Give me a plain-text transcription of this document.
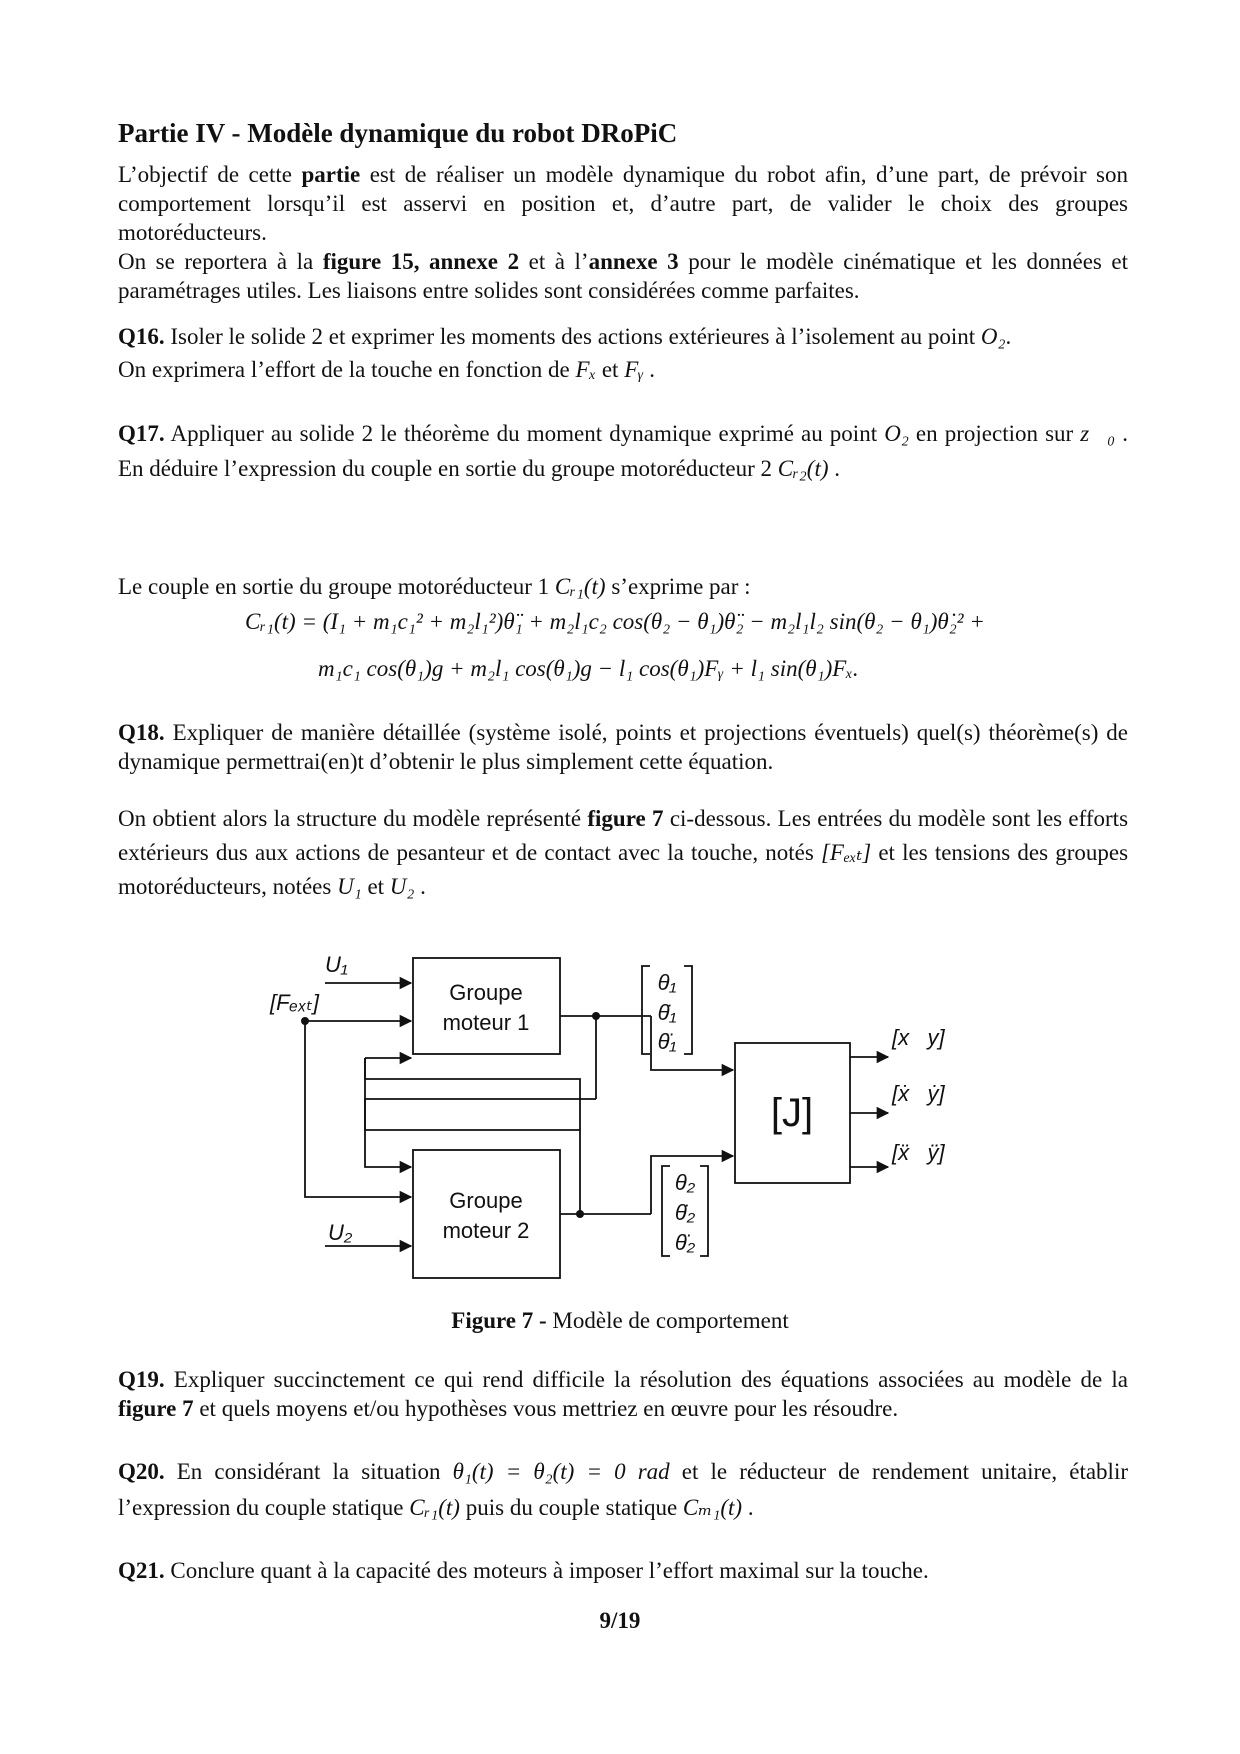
Partie IV - Modèle dynamique du robot DRoPiC
L’objectif de cette partie est de réaliser un modèle dynamique du robot afin, d’une part, de prévoir son comportement lorsqu’il est asservi en position et, d’autre part, de valider le choix des groupes motoréducteurs.
On se reportera à la figure 15, annexe 2 et à l’annexe 3 pour le modèle cinématique et les données et paramétrages utiles. Les liaisons entre solides sont considérées comme parfaites.
Q16. Isoler le solide 2 et exprimer les moments des actions extérieures à l’isolement au point O₂.
On exprimera l’effort de la touche en fonction de Fₓ et Fᵧ .
Q17. Appliquer au solide 2 le théorème du moment dynamique exprimé au point O₂ en projection sur z⃗₀ . En déduire l’expression du couple en sortie du groupe motoréducteur 2 Cᵣ₂(t) .
Le couple en sortie du groupe motoréducteur 1 Cᵣ₁(t) s’exprime par :
Cᵣ₁(t) = (I₁ + m₁c₁² + m₂l₁²)θ̈₁ + m₂l₁c₂ cos(θ₂ − θ₁)θ̈₂ − m₂l₁l₂ sin(θ₂ − θ₁)θ̇₂² +
m₁c₁ cos(θ₁)g + m₂l₁ cos(θ₁)g − l₁ cos(θ₁)Fᵧ + l₁ sin(θ₁)Fₓ.
Q18. Expliquer de manière détaillée (système isolé, points et projections éventuels) quel(s) théorème(s) de dynamique permettrai(en)t d’obtenir le plus simplement cette équation.
On obtient alors la structure du modèle représenté figure 7 ci-dessous. Les entrées du modèle sont les efforts extérieurs dus aux actions de pesanteur et de contact avec la touche, notés [Fₑₓₜ] et les tensions des groupes motoréducteurs, notées U₁ et U₂ .
U₁
[Fₑₓₜ]
U₂
Groupe
moteur 1
Groupe
moteur 2
θ₁
θ̇₁
θ̈₁
θ₂
θ̇₂
θ̈₂
[J]
[x   y]
[ẋ   ẏ]
[ẍ   ÿ]
Figure 7 - Modèle de comportement
Q19. Expliquer succinctement ce qui rend difficile la résolution des équations associées au modèle de la figure 7 et quels moyens et/ou hypothèses vous mettriez en œuvre pour les résoudre.
Q20. En considérant la situation θ₁(t) = θ₂(t) = 0 rad et le réducteur de rendement unitaire, établir l’expression du couple statique Cᵣ₁(t) puis du couple statique Cₘ₁(t) .
Q21. Conclure quant à la capacité des moteurs à imposer l’effort maximal sur la touche.
9/19
